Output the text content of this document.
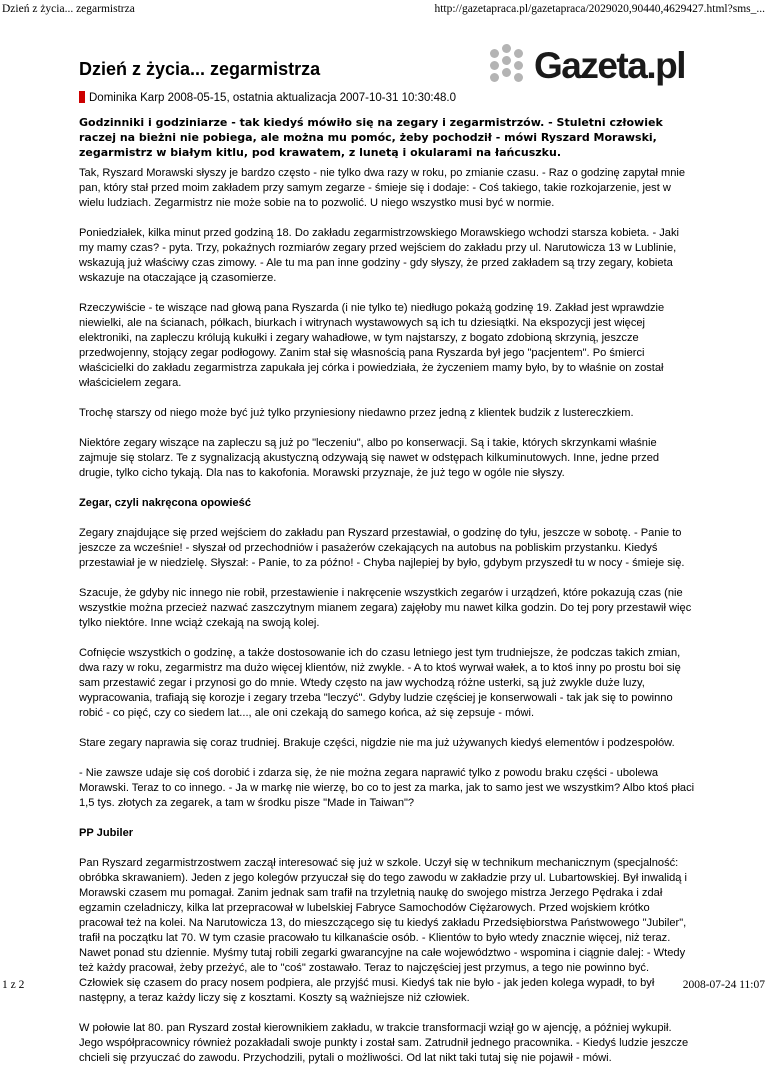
Dzień z życia... zegarmistrza	http://gazetapraca.pl/gazetapraca/2029020,90440,4629427.html?sms_...
Gazeta.pl
Dzień z życia... zegarmistrza
Dominika Karp 2008-05-15, ostatnia aktualizacja 2007-10-31 10:30:48.0

Godzinniki i godziniarze - tak kiedyś mówiło się na zegary i zegarmistrzów. - Stuletni człowiek raczej na bieżni nie pobiega, ale można mu pomóc, żeby pochodził - mówi Ryszard Morawski, zegarmistrz w białym kitlu, pod krawatem, z lunetą i okularami na łańcuszku.

Tak, Ryszard Morawski słyszy je bardzo często - nie tylko dwa razy w roku, po zmianie czasu. - Raz o godzinę zapytał mnie pan, który stał przed moim zakładem przy samym zegarze - śmieje się i dodaje: - Coś takiego, takie rozkojarzenie, jest w wielu ludziach. Zegarmistrz nie może sobie na to pozwolić. U niego wszystko musi być w normie.

Poniedziałek, kilka minut przed godziną 18. Do zakładu zegarmistrzowskiego Morawskiego wchodzi starsza kobieta. - Jaki my mamy czas? - pyta. Trzy, pokaźnych rozmiarów zegary przed wejściem do zakładu przy ul. Narutowicza 13 w Lublinie, wskazują już właściwy czas zimowy. - Ale tu ma pan inne godziny - gdy słyszy, że przed zakładem są trzy zegary, kobieta wskazuje na otaczające ją czasomierze.

Rzeczywiście - te wiszące nad głową pana Ryszarda (i nie tylko te) niedługo pokażą godzinę 19. Zakład jest wprawdzie niewielki, ale na ścianach, półkach, biurkach i witrynach wystawowych są ich tu dziesiątki. Na ekspozycji jest więcej elektroniki, na zapleczu królują kukułki i zegary wahadłowe, w tym najstarszy, z bogato zdobioną skrzynią, jeszcze przedwojenny, stojący zegar podłogowy. Zanim stał się własnością pana Ryszarda był jego "pacjentem". Po śmierci właścicielki do zakładu zegarmistrza zapukała jej córka i powiedziała, że życzeniem mamy było, by to właśnie on został właścicielem zegara.

Trochę starszy od niego może być już tylko przyniesiony niedawno przez jedną z klientek budzik z lustereczkiem.

Niektóre zegary wiszące na zapleczu są już po "leczeniu", albo po konserwacji. Są i takie, których skrzynkami właśnie zajmuje się stolarz. Te z sygnalizacją akustyczną odzywają się nawet w odstępach kilkuminutowych. Inne, jedne przed drugie, tylko cicho tykają. Dla nas to kakofonia. Morawski przyznaje, że już tego w ogóle nie słyszy.

Zegar, czyli nakręcona opowieść

Zegary znajdujące się przed wejściem do zakładu pan Ryszard przestawiał, o godzinę do tyłu, jeszcze w sobotę. - Panie to jeszcze za wcześnie! - słyszał od przechodniów i pasażerów czekających na autobus na pobliskim przystanku. Kiedyś przestawiał je w niedzielę. Słyszał: - Panie, to za późno! - Chyba najlepiej by było, gdybym przyszedł tu w nocy - śmieje się.

Szacuje, że gdyby nic innego nie robił, przestawienie i nakręcenie wszystkich zegarów i urządzeń, które pokazują czas (nie wszystkie można przecież nazwać zaszczytnym mianem zegara) zajęłoby mu nawet kilka godzin. Do tej pory przestawił więc tylko niektóre. Inne wciąż czekają na swoją kolej.

Cofnięcie wszystkich o godzinę, a także dostosowanie ich do czasu letniego jest tym trudniejsze, że podczas takich zmian, dwa razy w roku, zegarmistrz ma dużo więcej klientów, niż zwykle. - A to ktoś wyrwał wałek, a to ktoś inny po prostu boi się sam przestawić zegar i przynosi go do mnie. Wtedy często na jaw wychodzą różne usterki, są już zwykle duże luzy, wypracowania, trafiają się korozje i zegary trzeba "leczyć". Gdyby ludzie częściej je konserwowali - tak jak się to powinno robić - co pięć, czy co siedem lat..., ale oni czekają do samego końca, aż się zepsuje - mówi.

Stare zegary naprawia się coraz trudniej. Brakuje części, nigdzie nie ma już używanych kiedyś elementów i podzespołów.

- Nie zawsze udaje się coś dorobić i zdarza się, że nie można zegara naprawić tylko z powodu braku części - ubolewa Morawski. Teraz to co innego. - Ja w markę nie wierzę, bo co to jest za marka, jak to samo jest we wszystkim? Albo ktoś płaci 1,5 tys. złotych za zegarek, a tam w środku pisze "Made in Taiwan"?

PP Jubiler

Pan Ryszard zegarmistrzostwem zaczął interesować się już w szkole. Uczył się w technikum mechanicznym (specjalność: obróbka skrawaniem). Jeden z jego kolegów przyuczał się do tego zawodu w zakładzie przy ul. Lubartowskiej. Był inwalidą i Morawski czasem mu pomagał. Zanim jednak sam trafił na trzyletnią naukę do swojego mistrza Jerzego Pędraka i zdał egzamin czeladniczy, kilka lat przepracował w lubelskiej Fabryce Samochodów Ciężarowych. Przed wojskiem krótko pracował też na kolei. Na Narutowicza 13, do mieszczącego się tu kiedyś zakładu Przedsiębiorstwa Państwowego "Jubiler", trafił na początku lat 70. W tym czasie pracowało tu kilkanaście osób. - Klientów to było wtedy znacznie więcej, niż teraz. Nawet ponad stu dziennie. Myśmy tutaj robili zegarki gwarancyjne na całe województwo - wspomina i ciągnie dalej: - Wtedy też każdy pracował, żeby przeżyć, ale to "coś" zostawało. Teraz to najczęściej jest przymus, a tego nie powinno być. Człowiek się czasem do pracy nosem podpiera, ale przyjść musi. Kiedyś tak nie było - jak jeden kolega wypadł, to był następny, a teraz każdy liczy się z kosztami. Koszty są ważniejsze niż człowiek.

W połowie lat 80. pan Ryszard został kierownikiem zakładu, w trakcie transformacji wziął go w ajencję, a później wykupił. Jego współpracownicy również pozakładali swoje punkty i został sam. Zatrudnił jednego pracownika. - Kiedyś ludzie jeszcze chcieli się przyuczać do zawodu. Przychodzili, pytali o możliwości. Od lat nikt taki tutaj się nie pojawił - mówi.

1 z 2	2008-07-24 11:07
